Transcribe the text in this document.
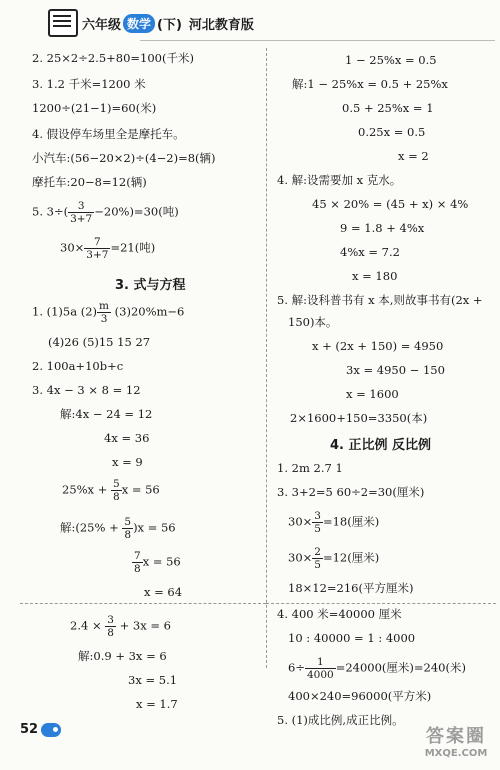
六年级 数学 (下) 河北教育版
2. 25×2÷2.5+80=100(千米)
3. 1.2 千米=1200 米
1200÷(21−1)=60(米)
4. 假设停车场里全是摩托车。
小汽车:(56−20×2)÷(4−2)=8(辆)
摩托车:20−8=12(辆)
5. $3\div( \frac{3}{3+7} -20\%)=30$(吨)
$30\times \frac{7}{3+7} =21$(吨)
3. 式与方程
1. (1)5a $(2) \frac{m}{3} (3)20\%m-6$
(4)26 (5)15 15 27
2. 100a+10b+c
3. 4x − 3 × 8 = 12
解:4x − 24 = 12
4x = 36
x = 9
$25\%x + \frac{5}{8}$ x = 56
解:(25% + $\frac{5}{8} )x = 56$
$\frac{7}{8}$ x = 56
x = 64
$2.4 \times \frac{3}{8} + 3x = 6$
解:0.9 + 3x = 6
3x = 5.1
x = 1.7
1 − 25%x = 0.5
解:1 − 25%x = 0.5 + 25%x
0.5 + 25%x = 1
0.25x = 0.5
x = 2
4. 解:设需要加 x 克水。
45 × 20% = (45 + x) × 4%
9 = 1.8 + 4%x
4%x = 7.2
x = 180
5. 解:设科普书有 x 本,则故事书有(2x +
150)本。
x + (2x + 150) = 4950
3x = 4950 − 150
x = 1600
2×1600+150=3350(本)
4. 正比例 反比例
1. 2m 2.7 1
3. 3+2=5 60÷2=30(厘米)
$30\times \frac{3}{5} =18$(厘米)
$30\times \frac{2}{5} =12$(厘米)
18×12=216(平方厘米)
4. 400 米=40000 厘米
10 : 40000 = 1 : 4000
$6\div \frac{1}{4000} =24000$(厘米)=240(米)
400×240=96000(平方米)
5. (1)成比例,成正比例。
52	答案圈
MXQE.COM
